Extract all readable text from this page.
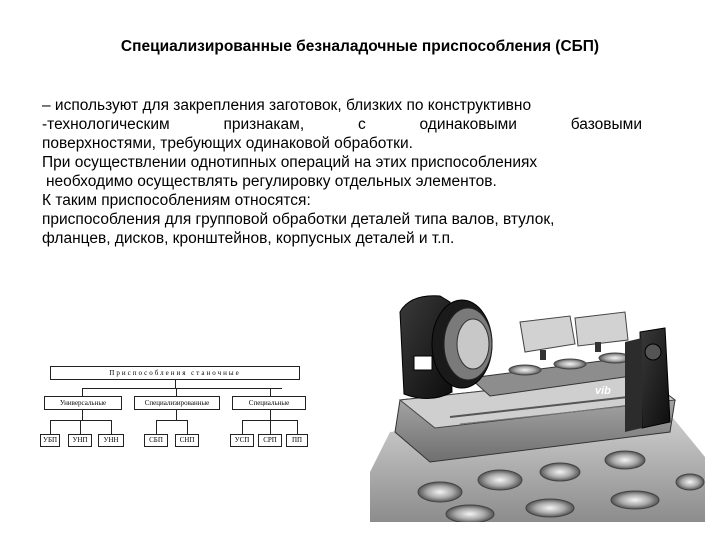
Специализированные безналадочные приспособления (СБП)
– используют для закрепления заготовок, близких по конструктивно
-технологическим	признакам,	с	одинаковыми	базовыми
поверхностями, требующих одинаковой обработки.
При осуществлении однотипных операций на этих приспособлениях
необходимо осуществлять регулировку отдельных элементов.
К таким приспособлениям относятся:
приспособления для групповой обработки деталей типа валов, втулок,
фланцев, дисков, кронштейнов, корпусных деталей и т.п.
Приспособления станочные
Универсальные	Специализированные	Специальные
УБП	УНП	УНН	СБП	СНП	УСП	СРП	ПП
vib
